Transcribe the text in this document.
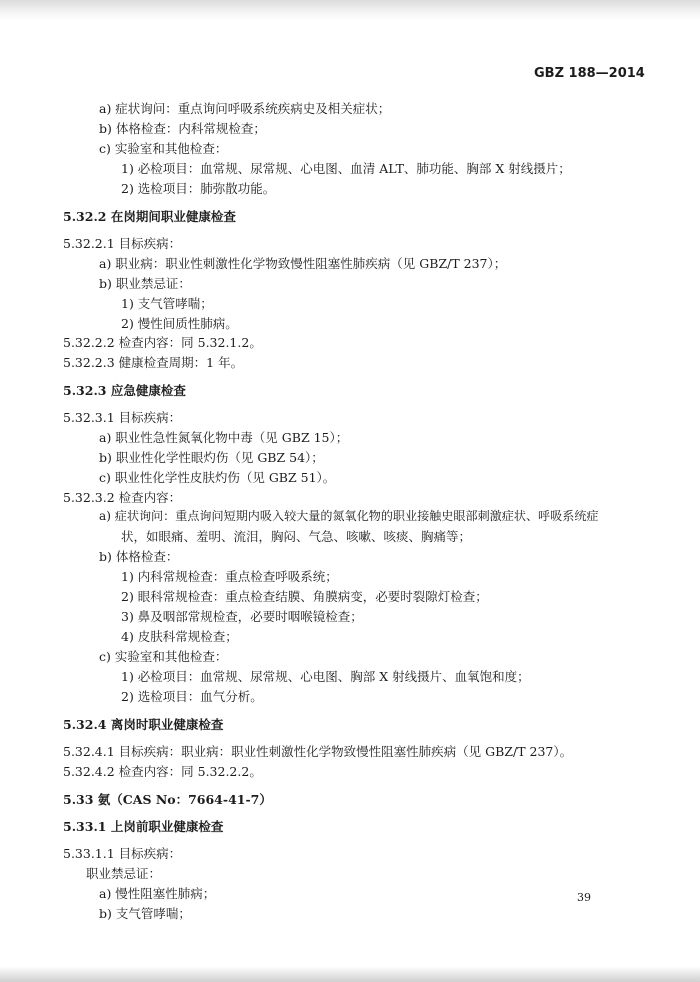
GBZ 188—2014
a) 症状询问：重点询问呼吸系统疾病史及相关症状；
b) 体格检查：内科常规检查；
c) 实验室和其他检查：
1) 必检项目：血常规、尿常规、心电图、血清 ALT、肺功能、胸部 X 射线摄片；
2) 选检项目：肺弥散功能。
5.32.2 在岗期间职业健康检查
5.32.2.1 目标疾病：
a) 职业病：职业性刺激性化学物致慢性阻塞性肺疾病（见 GBZ/T 237）；
b) 职业禁忌证：
1) 支气管哮喘；
2) 慢性间质性肺病。
5.32.2.2 检查内容：同 5.32.1.2。
5.32.2.3 健康检查周期：1 年。
5.32.3 应急健康检查
5.32.3.1 目标疾病：
a) 职业性急性氮氧化物中毒（见 GBZ 15）；
b) 职业性化学性眼灼伤（见 GBZ 54）；
c) 职业性化学性皮肤灼伤（见 GBZ 51）。
5.32.3.2 检查内容：
a) 症状询问：重点询问短期内吸入较大量的氮氧化物的职业接触史眼部刺激症状、呼吸系统症
状，如眼痛、羞明、流泪，胸闷、气急、咳嗽、咳痰、胸痛等；
b) 体格检查：
1) 内科常规检查：重点检查呼吸系统；
2) 眼科常规检查：重点检查结膜、角膜病变，必要时裂隙灯检查；
3) 鼻及咽部常规检查，必要时咽喉镜检查；
4) 皮肤科常规检查；
c) 实验室和其他检查：
1) 必检项目：血常规、尿常规、心电图、胸部 X 射线摄片、血氧饱和度；
2) 选检项目：血气分析。
5.32.4 离岗时职业健康检查
5.32.4.1 目标疾病：职业病：职业性刺激性化学物致慢性阻塞性肺疾病（见 GBZ/T 237）。
5.32.4.2 检查内容：同 5.32.2.2。
5.33 氨（CAS No：7664-41-7）
5.33.1 上岗前职业健康检查
5.33.1.1 目标疾病：
职业禁忌证：
a) 慢性阻塞性肺病；
b) 支气管哮喘；
39
